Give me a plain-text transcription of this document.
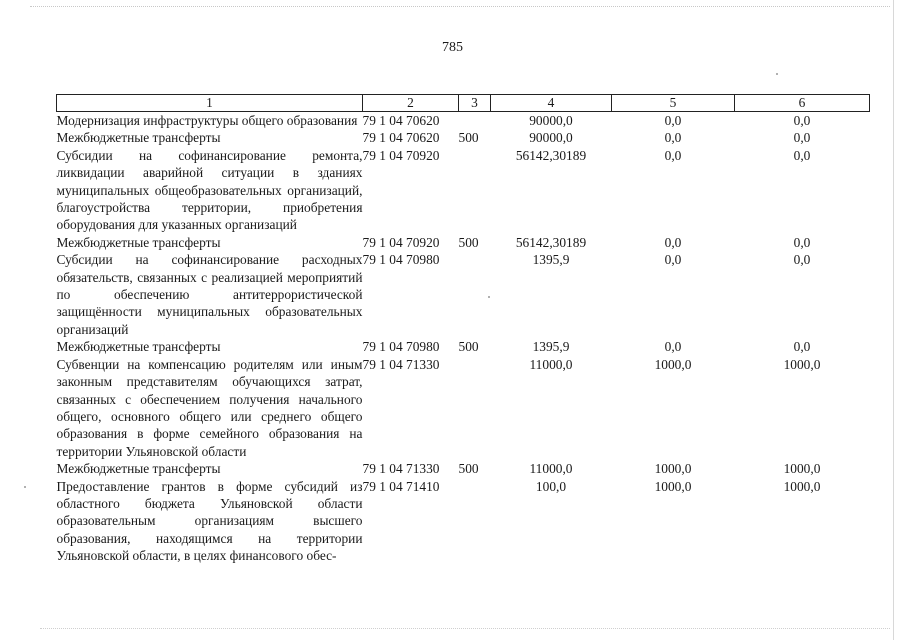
785
1	2	3	4	5	6

Модернизация инфраструктуры общего образования	79 1 04 70620		90000,0	0,0	0,0

Межбюджетные трансферты	79 1 04 70620	500	90000,0	0,0	0,0

Субсидии на софинансирование ремонта, ликвидации аварийной ситуации в зданиях муниципальных общеобразовательных организаций, благоустройства территории, приобретения оборудования для указанных организаций	79 1 04 70920		56142,30189	0,0	0,0

Межбюджетные трансферты	79 1 04 70920	500	56142,30189	0,0	0,0

Субсидии на софинансирование расходных обязательств, связанных с реализацией мероприятий по обеспечению антитеррористической защищённости муниципальных образовательных организаций	79 1 04 70980		1395,9	0,0	0,0

Межбюджетные трансферты	79 1 04 70980	500	1395,9	0,0	0,0

Субвенции на компенсацию родителям или иным законным представителям обучающихся затрат, связанных с обеспечением получения начального общего, основного общего или среднего общего образования в форме семейного образования на территории Ульяновской области	79 1 04 71330		11000,0	1000,0	1000,0

Межбюджетные трансферты	79 1 04 71330	500	11000,0	1000,0	1000,0

Предоставление грантов в форме субсидий из областного бюджета Ульяновской области образовательным организациям высшего образования, находящимся на территории Ульяновской области, в целях финансового обес-	79 1 04 71410		100,0	1000,0	1000,0
